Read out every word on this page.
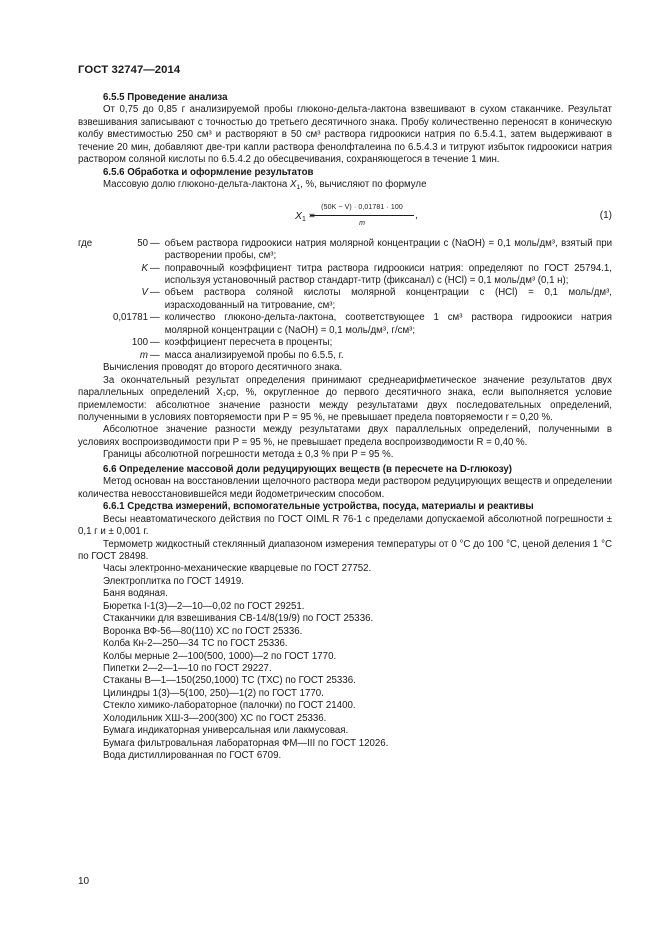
ГОСТ 32747—2014

6.5.5 Проведение анализа

От 0,75 до 0,85 г анализируемой пробы глюконо-дельта-лактона взвешивают в сухом стаканчике. Результат взвешивания записывают с точностью до третьего десятичного знака. Пробу количественно переносят в коническую колбу вместимостью 250 см³ и растворяют в 50 см³ раствора гидроокиси натрия по 6.5.4.1, затем выдерживают в течение 20 мин, добавляют две-три капли раствора фенолфталеина по 6.5.4.3 и титруют избыток гидроокиси натрия раствором соляной кислоты по 6.5.4.2 до обесцвечивания, сохраняющегося в течение 1 мин.

6.5.6 Обработка и оформление результатов

Массовую долю глюконо-дельта-лактона $X_1$, %, вычисляют по формуле

$X_1$ =
$\frac{(50K - V) \cdot 0,01781 \cdot 100}{m}$ ,	(1)
где	50 — объем раствора гидроокиси натрия молярной концентрации c (NaOH) = 0,1 моль/дм³, взятый при растворении пробы, см³;
K — поправочный коэффициент титра раствора гидроокиси натрия: определяют по ГОСТ 25794.1, используя установочный раствор стандарт-титр (фиксанал) c (HCl) = 0,1 моль/дм³ (0,1 н);
V — объем раствора соляной кислоты молярной концентрации c (HCl) = 0,1 моль/дм³, израсходованный на титрование, см³;
0,01781 — количество глюконо-дельта-лактона, соответствующее 1 см³ раствора гидроокиси натрия молярной концентрации c (NaOH) = 0,1 моль/дм³, г/см³;
100 — коэффициент пересчета в проценты;
m — масса анализируемой пробы по 6.5.5, г.

Вычисления проводят до второго десятичного знака.

За окончательный результат определения принимают среднеарифметическое значение результатов двух параллельных определений X₁ср, %, округленное до первого десятичного знака, если выполняется условие приемлемости: абсолютное значение разности между результатами двух последовательных определений, полученными в условиях повторяемости при P = 95 %, не превышает предела повторяемости r = 0,20 %.

Абсолютное значение разности между результатами двух параллельных определений, полученными в условиях воспроизводимости при P = 95 %, не превышает предела воспроизводимости R = 0,40 %.

Границы абсолютной погрешности метода ± 0,3 % при P = 95 %.

6.6 Определение массовой доли редуцирующих веществ (в пересчете на D-глюкозу)

Метод основан на восстановлении щелочного раствора меди раствором редуцирующих веществ и определении количества невосстановившейся меди йодометрическим способом.

6.6.1 Средства измерений, вспомогательные устройства, посуда, материалы и реактивы

Весы неавтоматического действия по ГОСТ OIML R 76-1 с пределами допускаемой абсолютной погрешности ± 0,1 г и ± 0,001 г.

Термометр жидкостный стеклянный диапазоном измерения температуры от 0 °С до 100 °С, ценой деления 1 °С по ГОСТ 28498.

Часы электронно-механические кварцевые по ГОСТ 27752.

Электроплитка по ГОСТ 14919.

Баня водяная.

Бюретка I-1(3)—2—10—0,02 по ГОСТ 29251.

Стаканчики для взвешивания СВ-14/8(19/9) по ГОСТ 25336.

Воронка ВФ-56—80(110) ХС по ГОСТ 25336.

Колба Кн-2—250—34 ТС по ГОСТ 25336.

Колбы мерные 2—100(500, 1000)—2 по ГОСТ 1770.

Пипетки 2—2—1—10 по ГОСТ 29227.

Стаканы В—1—150(250,1000) ТС (ТХС) по ГОСТ 25336.

Цилиндры 1(3)—5(100, 250)—1(2) по ГОСТ 1770.

Стекло химико-лабораторное (палочки) по ГОСТ 21400.

Холодильник ХШ-3—200(300) ХС по ГОСТ 25336.

Бумага индикаторная универсальная или лакмусовая.

Бумага фильтровальная лабораторная ФМ—III по ГОСТ 12026.

Вода дистиллированная по ГОСТ 6709.

10
